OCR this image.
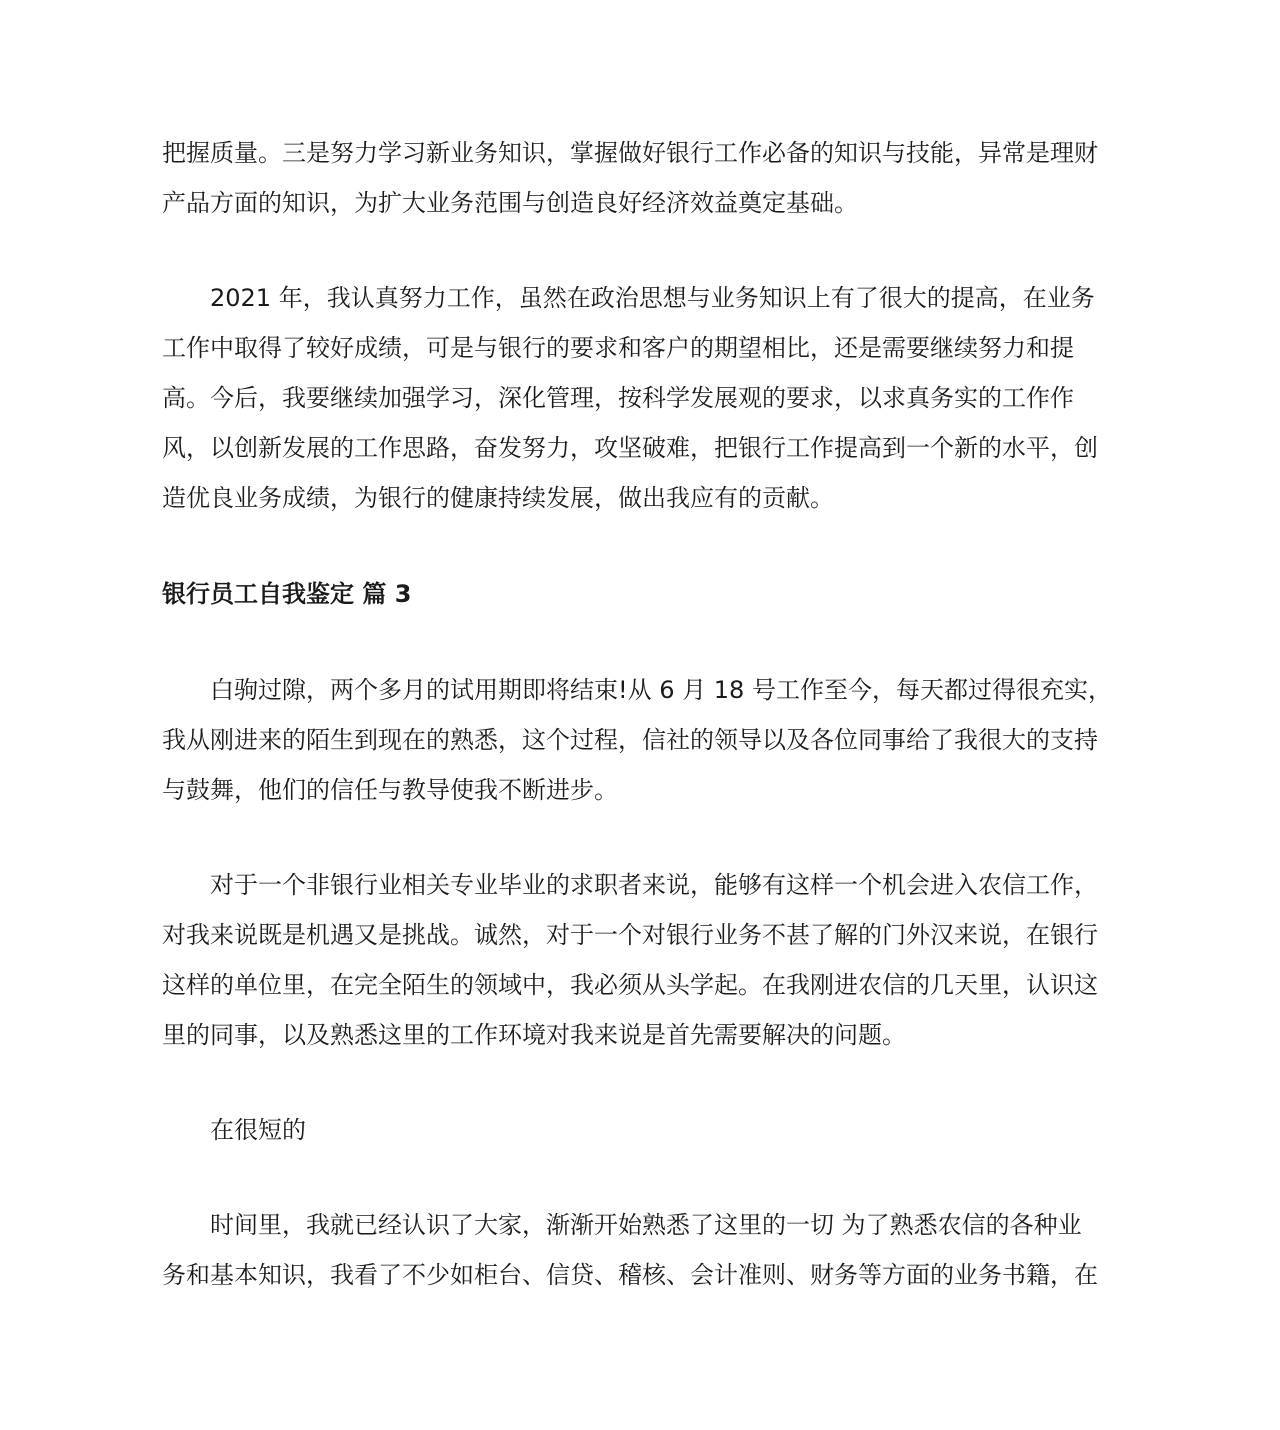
把握质量。三是努力学习新业务知识，掌握做好银行工作必备的知识与技能，异常是理财
产品方面的知识，为扩大业务范围与创造良好经济效益奠定基础。
2021 年，我认真努力工作，虽然在政治思想与业务知识上有了很大的提高，在业务
工作中取得了较好成绩，可是与银行的要求和客户的期望相比，还是需要继续努力和提
高。今后，我要继续加强学习，深化管理，按科学发展观的要求，以求真务实的工作作
风，以创新发展的工作思路，奋发努力，攻坚破难，把银行工作提高到一个新的水平，创
造优良业务成绩，为银行的健康持续发展，做出我应有的贡献。
银行员工自我鉴定 篇 3
白驹过隙，两个多月的试用期即将结束!从 6 月 18 号工作至今，每天都过得很充实，
我从刚进来的陌生到现在的熟悉，这个过程，信社的领导以及各位同事给了我很大的支持
与鼓舞，他们的信任与教导使我不断进步。
对于一个非银行业相关专业毕业的求职者来说，能够有这样一个机会进入农信工作，
对我来说既是机遇又是挑战。诚然，对于一个对银行业务不甚了解的门外汉来说，在银行
这样的单位里，在完全陌生的领域中，我必须从头学起。在我刚进农信的几天里，认识这
里的同事，以及熟悉这里的工作环境对我来说是首先需要解决的问题。
在很短的
时间里，我就已经认识了大家，渐渐开始熟悉了这里的一切 为了熟悉农信的各种业
务和基本知识，我看了不少如柜台、信贷、稽核、会计准则、财务等方面的业务书籍，在
